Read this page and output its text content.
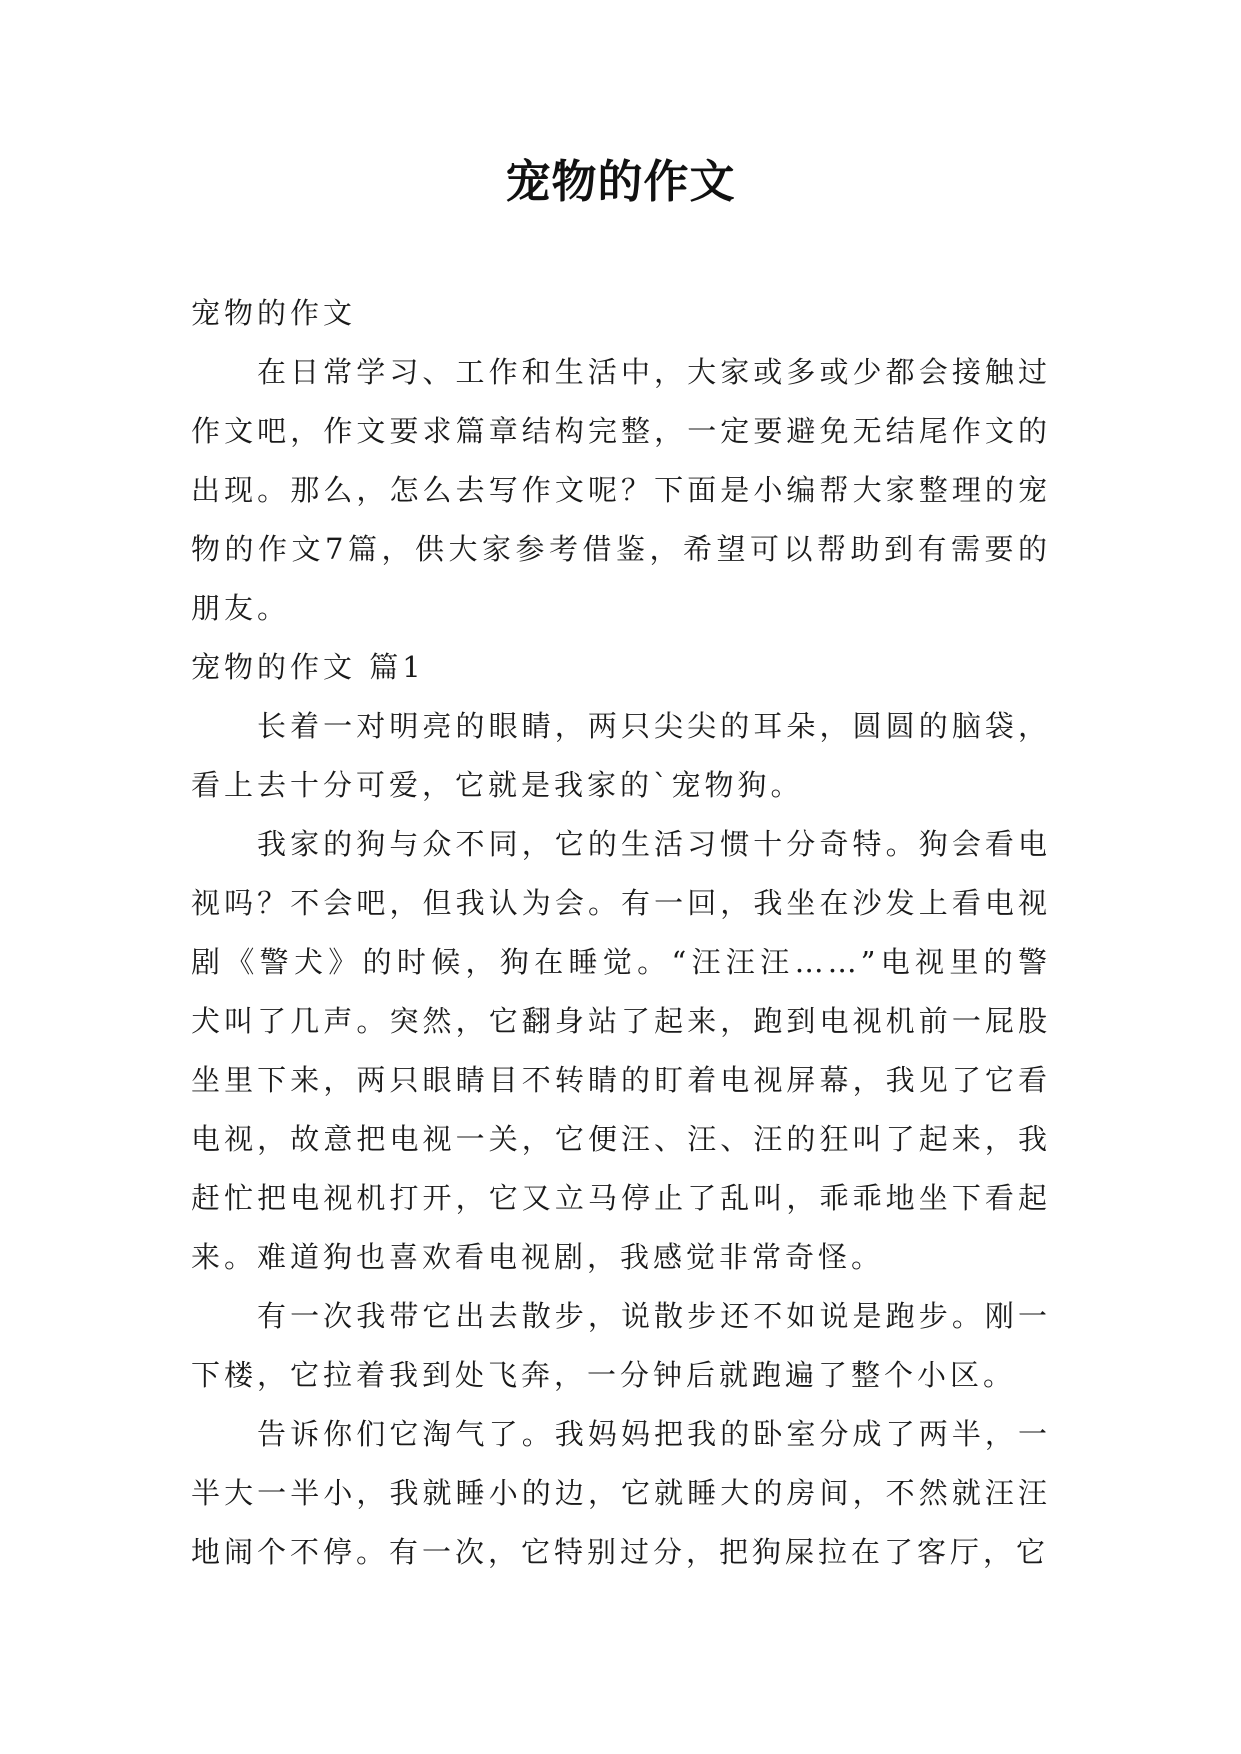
宠物的作文

宠物的作文

在日常学习、工作和生活中，大家或多或少都会接触过作文吧，作文要求篇章结构完整，一定要避免无结尾作文的出现。那么，怎么去写作文呢？下面是小编帮大家整理的宠物的作文7篇，供大家参考借鉴，希望可以帮助到有需要的朋友。

宠物的作文 篇1

长着一对明亮的眼睛，两只尖尖的耳朵，圆圆的脑袋，看上去十分可爱，它就是我家的`宠物狗。

我家的狗与众不同，它的生活习惯十分奇特。狗会看电视吗？不会吧，但我认为会。有一回，我坐在沙发上看电视剧《警犬》的时候，狗在睡觉。“汪汪汪……”电视里的警犬叫了几声。突然，它翻身站了起来，跑到电视机前一屁股坐里下来，两只眼睛目不转睛的盯着电视屏幕，我见了它看电视，故意把电视一关，它便汪、汪、汪的狂叫了起来，我赶忙把电视机打开，它又立马停止了乱叫，乖乖地坐下看起来。难道狗也喜欢看电视剧，我感觉非常奇怪。

有一次我带它出去散步，说散步还不如说是跑步。刚一下楼，它拉着我到处飞奔，一分钟后就跑遍了整个小区。

告诉你们它淘气了。我妈妈把我的卧室分成了两半，一半大一半小，我就睡小的边，它就睡大的房间，不然就汪汪地闹个不停。有一次，它特别过分，把狗屎拉在了客厅，它
